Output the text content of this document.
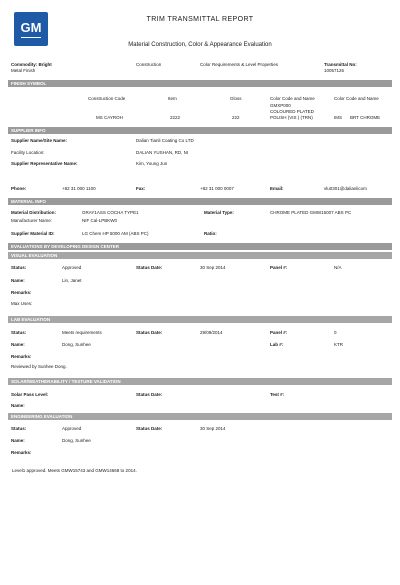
GM	TRIM TRANSMITTAL REPORT
Material Construction, Color & Appearance Evaluation
Commodity: Bright	Construction	Color Requirements & Level Properties	Transmittal No:
Metal Finish	10057126
FINISH SYMBOL
Construction Code	Item	Gloss	Color Code and Name	Color Code and Name
GMXP000
COLOURED PLATED
MS CAYROH	2222	222	POLISH (VIS ) (TRN)	IMS BRT CHROME
SUPPLIER INFO
Supplier Name/Site Name:	Dalian Tianli Coating Co LTD
Facility Location:	DALIAN YUSHAN, RD, NI
Supplier Representative Name:	Kim, Young Jun
Phone:	+82 31 000 1100	Fax:	+82 31 000 0007	Email:	vlu0301@dalianlicom
MATERIAL INFO
Material Distribution:	GRAY1ASS COCHA TYPE1	Material Type:	CHROME PLATED GMW15007 ABS PC
Manufacturer Name:	NIF Cal-LPBKW0
Supplier Material ID:	LG Chem HP 5000 AM (ABS PC)	Ratio:
EVALUATIONS BY DEVELOPING DESIGN CENTER
VISUAL EVALUATION
Status:	Approved	Status Date:	30 Sep 2014	Panel #:	N/A
Name:	Lin, Janet
Remarks:
Max Uses:
LAB EVALUATION
Status:	Meets requirements	Status Date:	29/09/2014	Panel #:	0
Name:	Dong, Sunhee	Lab #:	KTR
Remarks:
Reviewed by Sunhee Dong.
SOLAR/WEATHERABILITY / TEXTURE VALIDATION
Solar Pass Level:	Status Date:	Test #:
Name:
ENGINEERING EVALUATION
Status:	Approved	Status Date:	30 Sep 2014
Name:	Dong, Sunhee
Remarks:
Level1 approved. Meets GMW15743 and GMW14668 to 2014.
